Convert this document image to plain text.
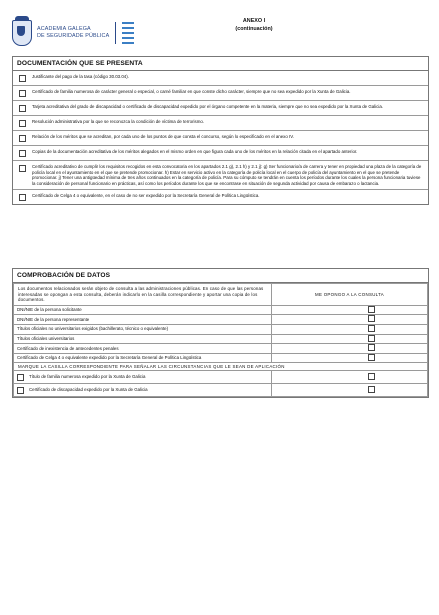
ACADEMIA GALEGA
DE SEGURIDADE PÚBLICA
ANEXO I
(continuación)
DOCUMENTACIÓN QUE SE PRESENTA
Justificante del pago de la tasa (código 30.03.04).
Certificado de familia numerosa de carácter general o especial, o carné familiar en que conste dicho carácter, siempre que no sea expedido por la Xunta de Galicia.
Tarjeta acreditativa del grado de discapacidad o certificado de discapacidad expedido por el órgano competente en la materia, siempre que no sea expedido por la Xunta de Galicia.
Resolución administrativa por la que se reconozca la condición de víctima de terrorismo.
Relación de los méritos que se acreditan, por cada uno de los puntos de que consta el concurso, según lo especificado en el anexo IV.
Copias de la documentación acreditativa de los méritos alegados en el mismo orden en que figura cada uno de los méritos en la relación citada en el apartado anterior.
Certificado acreditativo de cumplir los requisitos recogidos en esta convocatoria en los apartados 2.1 g), 2.1 h) y 2.1 j): g) Ser funcionario/a de carrera y tener en propiedad una plaza de la categoría de policía local en el ayuntamiento en el que se pretende promocionar. h) Estar en servicio activo en la categoría de policía local en el cuerpo de policía del ayuntamiento en el que se pretende promocionar. j) Tener una antigüedad mínima de tres años continuados en la categoría de policía. Para su cómputo se tendrán en cuenta los períodos durante los cuales la persona funcionaria tuviese la consideración de personal funcionario en prácticas, así como los períodos durante los que se encontrase en situación de segunda actividad por causa de embarazo o lactancia.
Certificado de Celga 4 o equivalente, en el caso de no ser expedido por la Secretaría General de Política Lingüística.
COMPROBACIÓN DE DATOS
Los documentos relacionados serán objeto de consulta a las administraciones públicas. En caso de que las personas interesadas se opongan a esta consulta, deberán indicarlo en la casilla correspondiente y aportar una copia de los documentos.	ME OPONGO A LA CONSULTA
DNI/NIE de la persona solicitante	
DNI/NIE de la persona representante	
Títulos oficiales no universitarios exigidos (bachillerato, técnico o equivalente)	
Títulos oficiales universitarios	
Certificado de inexistencia de antecedentes penales	
Certificado de Celga 4 o equivalente expedido por la Secretaría General de Política Lingüística	
MARQUE LA CASILLA CORRESPONDIENTE PARA SEÑALAR LAS CIRCUNSTANCIAS QUE LE SEAN DE APLICACIÓN	
Título de familia numerosa expedido por la Xunta de Galicia	
Certificado de discapacidad expedido por la Xunta de Galicia	
